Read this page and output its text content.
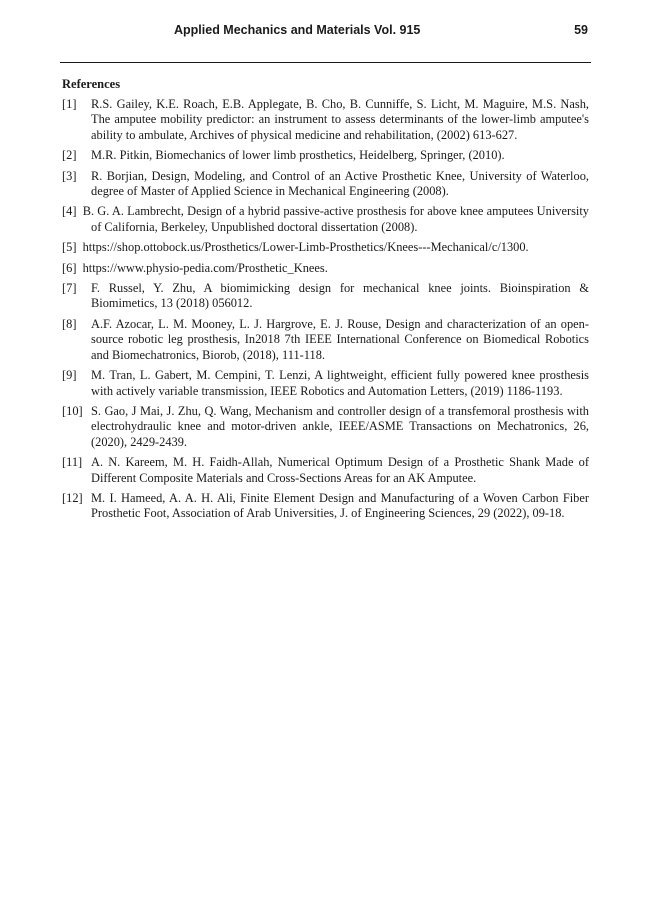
Applied Mechanics and Materials Vol. 915	59
References
[1]	R.S. Gailey, K.E. Roach, E.B. Applegate, B. Cho, B. Cunniffe, S. Licht, M. Maguire, M.S. Nash, The amputee mobility predictor: an instrument to assess determinants of the lower-limb amputee's ability to ambulate, Archives of physical medicine and rehabilitation, (2002) 613-627.
[2]	M.R. Pitkin, Biomechanics of lower limb prosthetics, Heidelberg, Springer, (2010).
[3]	R. Borjian, Design, Modeling, and Control of an Active Prosthetic Knee, University of Waterloo, degree of Master of Applied Science in Mechanical Engineering (2008).
[4] B. G. A. Lambrecht, Design of a hybrid passive-active prosthesis for above knee amputees University of California, Berkeley, Unpublished doctoral dissertation (2008).
[5] https://shop.ottobock.us/Prosthetics/Lower-Limb-Prosthetics/Knees---Mechanical/c/1300.
[6] https://www.physio-pedia.com/Prosthetic_Knees.
[7]	F. Russel, Y. Zhu, A biomimicking design for mechanical knee joints. Bioinspiration & Biomimetics, 13 (2018) 056012.
[8]	A.F. Azocar, L. M. Mooney, L. J. Hargrove, E. J. Rouse, Design and characterization of an open-source robotic leg prosthesis, In2018 7th IEEE International Conference on Biomedical Robotics and Biomechatronics, Biorob, (2018), 111-118.
[9]	M. Tran, L. Gabert, M. Cempini, T. Lenzi, A lightweight, efficient fully powered knee prosthesis with actively variable transmission, IEEE Robotics and Automation Letters, (2019) 1186-1193.
[10] S. Gao, J Mai, J. Zhu, Q. Wang, Mechanism and controller design of a transfemoral prosthesis with electrohydraulic knee and motor-driven ankle, IEEE/ASME Transactions on Mechatronics, 26, (2020), 2429-2439.
[11] A. N. Kareem, M. H. Faidh-Allah, Numerical Optimum Design of a Prosthetic Shank Made of Different Composite Materials and Cross-Sections Areas for an AK Amputee.
[12] M. I. Hameed, A. A. H. Ali, Finite Element Design and Manufacturing of a Woven Carbon Fiber Prosthetic Foot, Association of Arab Universities, J. of Engineering Sciences, 29 (2022), 09-18.
